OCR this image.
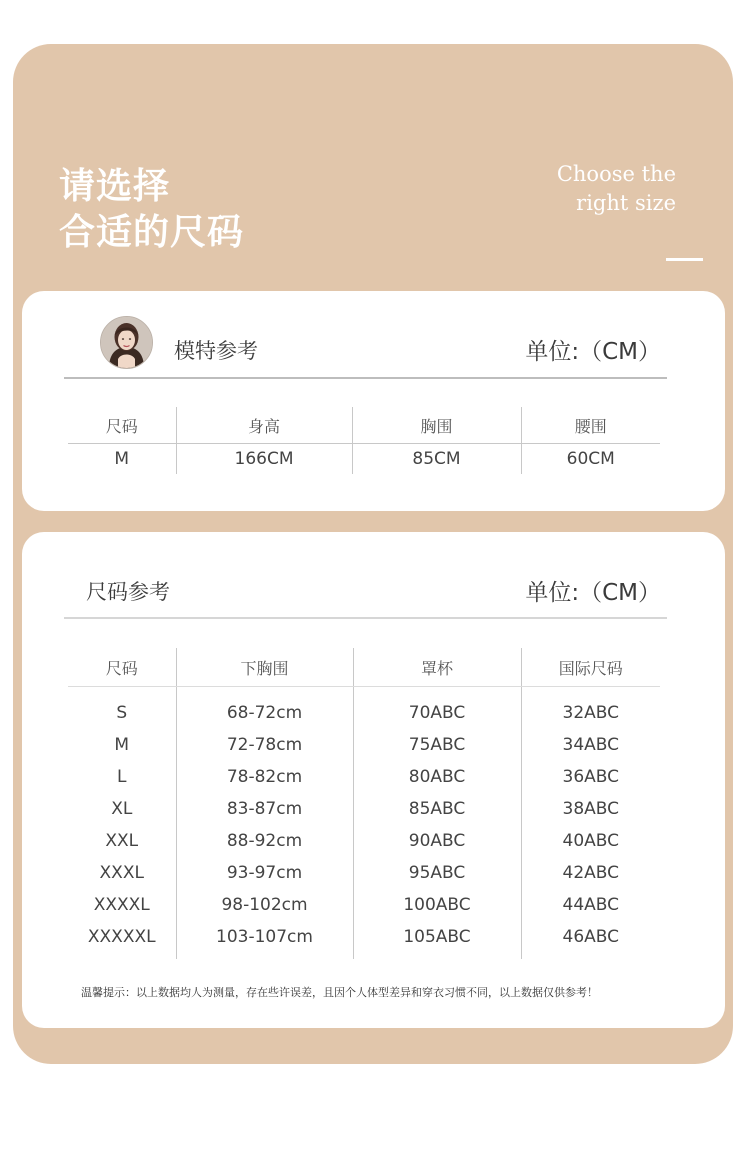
请选择
合适的尺码
Choose the
right size
模特参考	单位:（CM）
尺码	身高	胸围	腰围
M	166CM	85CM	60CM
尺码参考	单位:（CM）
尺码	下胸围	罩杯	国际尺码
S	68-72cm	70ABC	32ABC
M	72-78cm	75ABC	34ABC
L	78-82cm	80ABC	36ABC
XL	83-87cm	85ABC	38ABC
XXL	88-92cm	90ABC	40ABC
XXXL	93-97cm	95ABC	42ABC
XXXXL	98-102cm	100ABC	44ABC
XXXXXL	103-107cm	105ABC	46ABC
温馨提示：以上数据均人为测量，存在些许误差，且因个人体型差异和穿衣习惯不同，以上数据仅供参考！
